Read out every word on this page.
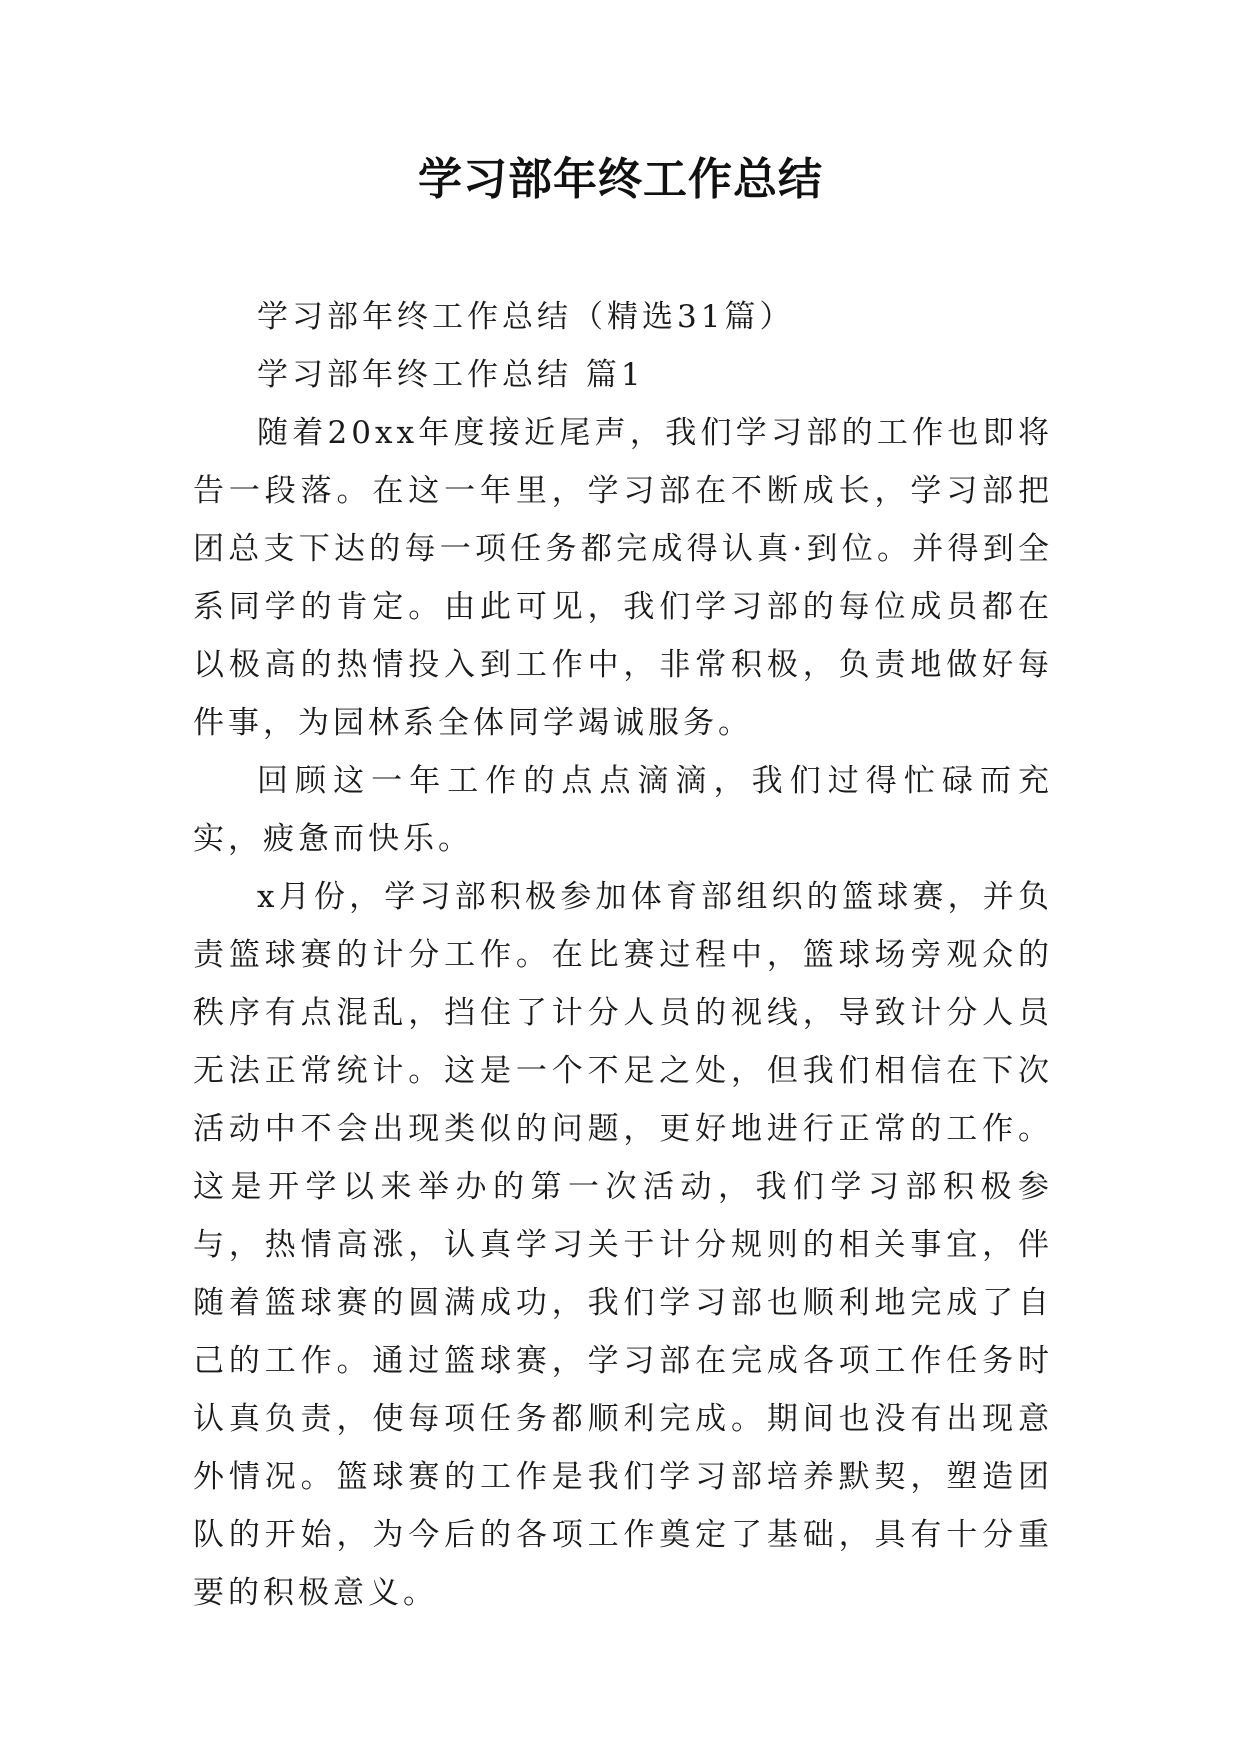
学习部年终工作总结

学习部年终工作总结（精选31篇）

学习部年终工作总结 篇1

随着20xx年度接近尾声，我们学习部的工作也即将告一段落。在这一年里，学习部在不断成长，学习部把团总支下达的每一项任务都完成得认真·到位。并得到全系同学的肯定。由此可见，我们学习部的每位成员都在以极高的热情投入到工作中，非常积极，负责地做好每件事，为园林系全体同学竭诚服务。

回顾这一年工作的点点滴滴，我们过得忙碌而充实，疲惫而快乐。

x月份，学习部积极参加体育部组织的篮球赛，并负责篮球赛的计分工作。在比赛过程中，篮球场旁观众的秩序有点混乱，挡住了计分人员的视线，导致计分人员无法正常统计。这是一个不足之处，但我们相信在下次活动中不会出现类似的问题，更好地进行正常的工作。这是开学以来举办的第一次活动，我们学习部积极参与，热情高涨，认真学习关于计分规则的相关事宜，伴随着篮球赛的圆满成功，我们学习部也顺利地完成了自己的工作。通过篮球赛，学习部在完成各项工作任务时认真负责，使每项任务都顺利完成。期间也没有出现意外情况。篮球赛的工作是我们学习部培养默契，塑造团队的开始，为今后的各项工作奠定了基础，具有十分重要的积极意义。
